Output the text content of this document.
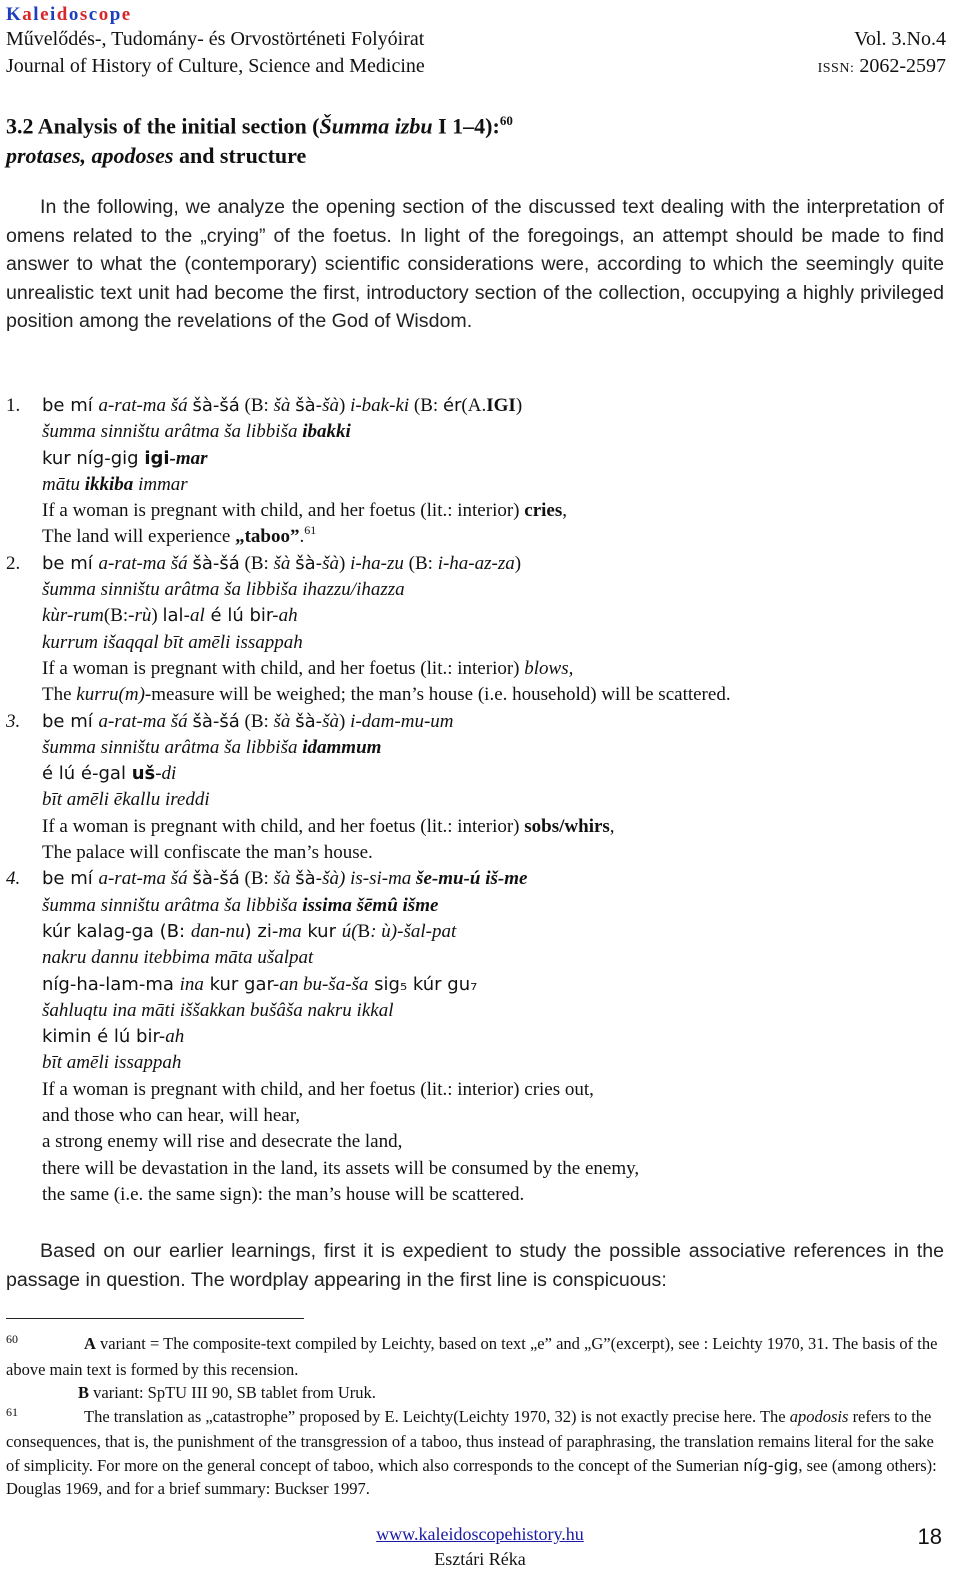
Kaleidoscope
Művelődés-, Tudomány- és Orvostörténeti Folyóirat	Vol. 3.No.4
Journal of History of Culture, Science and Medicine	ISSN: 2062-2597
3.2 Analysis of the initial section (Šumma izbu I 1–4):$^{60}$
protases, apodoses and structure
In the following, we analyze the opening section of the discussed text dealing with the interpretation of omens related to the „crying” of the foetus. In light of the foregoings, an attempt should be made to find answer to what the (contemporary) scientific considerations were, according to which the seemingly quite unrealistic text unit had become the first, introductory section of the collection, occupying a highly privileged position among the revelations of the God of Wisdom.
1. be mí a-rat-ma šá šà-šá (B: šà šà-šà) i-bak-ki (B: ér(A.IGI)
šumma sinništu arâtma ša libbiša ibakki
kur níg-gig igi-mar
mātu ikkiba immar
If a woman is pregnant with child, and her foetus (lit.: interior) cries,
The land will experience „taboo”.$^{61}$
2. be mí a-rat-ma šá šà-šá (B: šà šà-šà) i-ha-zu (B: i-ha-az-za)
šumma sinništu arâtma ša libbiša ihazzu/ihazza
kùr-rum(B:-rù) lal-al é lú bir-ah
kurrum išaqqal bīt amēli issappah
If a woman is pregnant with child, and her foetus (lit.: interior) blows,
The kurru(m)-measure will be weighed; the man’s house (i.e. household) will be scattered.
3. be mí a-rat-ma šá šà-šá (B: šà šà-šà) i-dam-mu-um
šumma sinništu arâtma ša libbiša idammum
é lú é-gal uš-di
bīt amēli ēkallu ireddi
If a woman is pregnant with child, and her foetus (lit.: interior) sobs/whirs,
The palace will confiscate the man’s house.
4. be mí a-rat-ma šá šà-šá (B: šà šà-šà) is-si-ma še-mu-ú iš-me
šumma sinništu arâtma ša libbiša issima šēmû išme
kúr kalag-ga (B: dan-nu) zi-ma kur ú(B: ù)-šal-pat
nakru dannu itebbima māta ušalpat
níg-ha-lam-ma ina kur gar-an bu-ša-ša sig₅ kúr gu₇
šahluqtu ina māti iššakkan bušâša nakru ikkal
kimin é lú bir-ah
bīt amēli issappah
If a woman is pregnant with child, and her foetus (lit.: interior) cries out,
and those who can hear, will hear,
a strong enemy will rise and desecrate the land,
there will be devastation in the land, its assets will be consumed by the enemy,
the same (i.e. the same sign): the man’s house will be scattered.
Based on our earlier learnings, first it is expedient to study the possible associative references in the passage in question. The wordplay appearing in the first line is conspicuous:
60	A variant = The composite-text compiled by Leichty, based on text „e” and „G”(excerpt), see : Leichty 1970, 31. The basis of the above main text is formed by this recension.
B variant: SpTU III 90, SB tablet from Uruk.
61	The translation as „catastrophe” proposed by E. Leichty(Leichty 1970, 32) is not exactly precise here. The apodosis refers to the consequences, that is, the punishment of the transgression of a taboo, thus instead of paraphrasing, the translation remains literal for the sake of simplicity. For more on the general concept of taboo, which also corresponds to the concept of the Sumerian níg-gig, see (among others): Douglas 1969, and for a brief summary: Buckser 1997.
www.kaleidoscopehistory.hu
Esztári Réka
18
